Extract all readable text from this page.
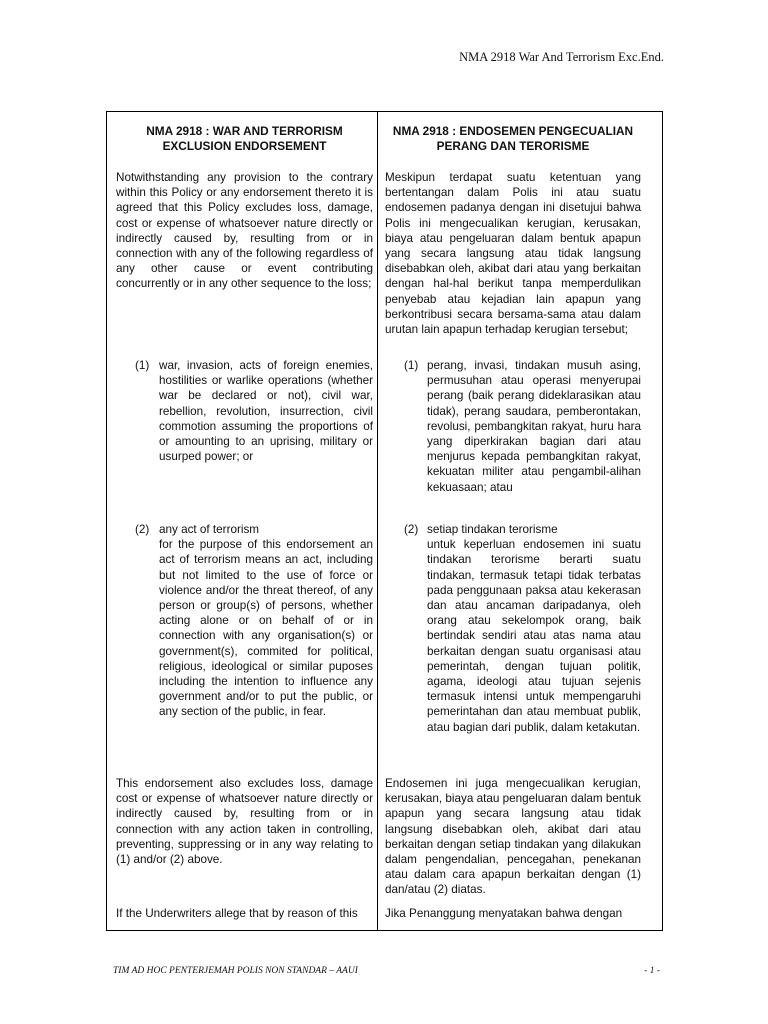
NMA 2918 War And Terrorism Exc.End.

NMA 2918 : WAR AND TERRORISM
EXCLUSION ENDORSEMENT

Notwithstanding any provision to the contrary within this Policy or any endorsement thereto it is agreed that this Policy excludes loss, damage, cost or expense of whatsoever nature directly or indirectly caused by, resulting from or in connection with any of the following regardless of any other cause or event contributing concurrently or in any other sequence to the loss;

(1) war, invasion, acts of foreign enemies, hostilities or warlike operations (whether war be declared or not), civil war, rebellion, revolution, insurrection, civil commotion assuming the proportions of or amounting to an uprising, military or usurped power; or
(2) any act of terrorism
for the purpose of this endorsement an act of terrorism means an act, including but not limited to the use of force or violence and/or the threat thereof, of any person or group(s) of persons, whether acting alone or on behalf of or in connection with any organisation(s) or government(s), commited for political, religious, ideological or similar puposes including the intention to influence any government and/or to put the public, or any section of the public, in fear.

This endorsement also excludes loss, damage cost or expense of whatsoever nature directly or indirectly caused by, resulting from or in connection with any action taken in controlling, preventing, suppressing or in any way relating to (1) and/or (2) above.

If the Underwriters allege that by reason of this

NMA 2918 : ENDOSEMEN PENGECUALIAN
PERANG DAN TERORISME

Meskipun terdapat suatu ketentuan yang bertentangan dalam Polis ini atau suatu endosemen padanya dengan ini disetujui bahwa Polis ini mengecualikan kerugian, kerusakan, biaya atau pengeluaran dalam bentuk apapun yang secara langsung atau tidak langsung disebabkan oleh, akibat dari atau yang berkaitan dengan hal-hal berikut tanpa memperdulikan penyebab atau kejadian lain apapun yang berkontribusi secara bersama-sama atau dalam urutan lain apapun terhadap kerugian tersebut;

(1) perang, invasi, tindakan musuh asing, permusuhan atau operasi menyerupai perang (baik perang dideklarasikan atau tidak), perang saudara, pemberontakan, revolusi, pembangkitan rakyat, huru hara yang diperkirakan bagian dari atau menjurus kepada pembangkitan rakyat, kekuatan militer atau pengambil-alihan kekuasaan; atau
(2) setiap tindakan terorisme
untuk keperluan endosemen ini suatu tindakan terorisme berarti suatu tindakan, termasuk tetapi tidak terbatas pada penggunaan paksa atau kekerasan dan atau ancaman daripadanya, oleh orang atau sekelompok orang, baik bertindak sendiri atau atas nama atau berkaitan dengan suatu organisasi atau pemerintah, dengan tujuan politik, agama, ideologi atau tujuan sejenis termasuk intensi untuk mempengaruhi pemerintahan dan atau membuat publik, atau bagian dari publik, dalam ketakutan.

Endosemen ini juga mengecualikan kerugian, kerusakan, biaya atau pengeluaran dalam bentuk apapun yang secara langsung atau tidak langsung disebabkan oleh, akibat dari atau berkaitan dengan setiap tindakan yang dilakukan dalam pengendalian, pencegahan, penekanan atau dalam cara apapun berkaitan dengan (1) dan/atau (2) diatas.

Jika Penanggung menyatakan bahwa dengan

TIM AD HOC PENTERJEMAH POLIS NON STANDAR – AAUI	- 1 -
